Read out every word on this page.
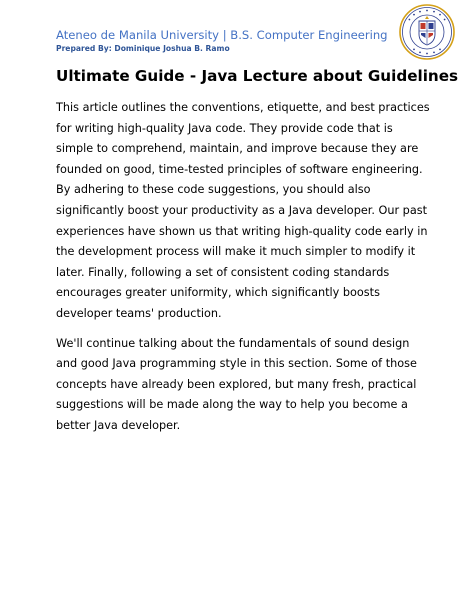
Ateneo de Manila University | B.S. Computer Engineering
Prepared By: Dominique Joshua B. Ramo
Ultimate Guide - Java Lecture about Guidelines

This article outlines the conventions, etiquette, and best practices for writing high-quality Java code. They provide code that is simple to comprehend, maintain, and improve because they are founded on good, time-tested principles of software engineering. By adhering to these code suggestions, you should also significantly boost your productivity as a Java developer. Our past experiences have shown us that writing high-quality code early in the development process will make it much simpler to modify it later. Finally, following a set of consistent coding standards encourages greater uniformity, which significantly boosts developer teams' production.

We'll continue talking about the fundamentals of sound design and good Java programming style in this section. Some of those concepts have already been explored, but many fresh, practical suggestions will be made along the way to help you become a better Java developer.
